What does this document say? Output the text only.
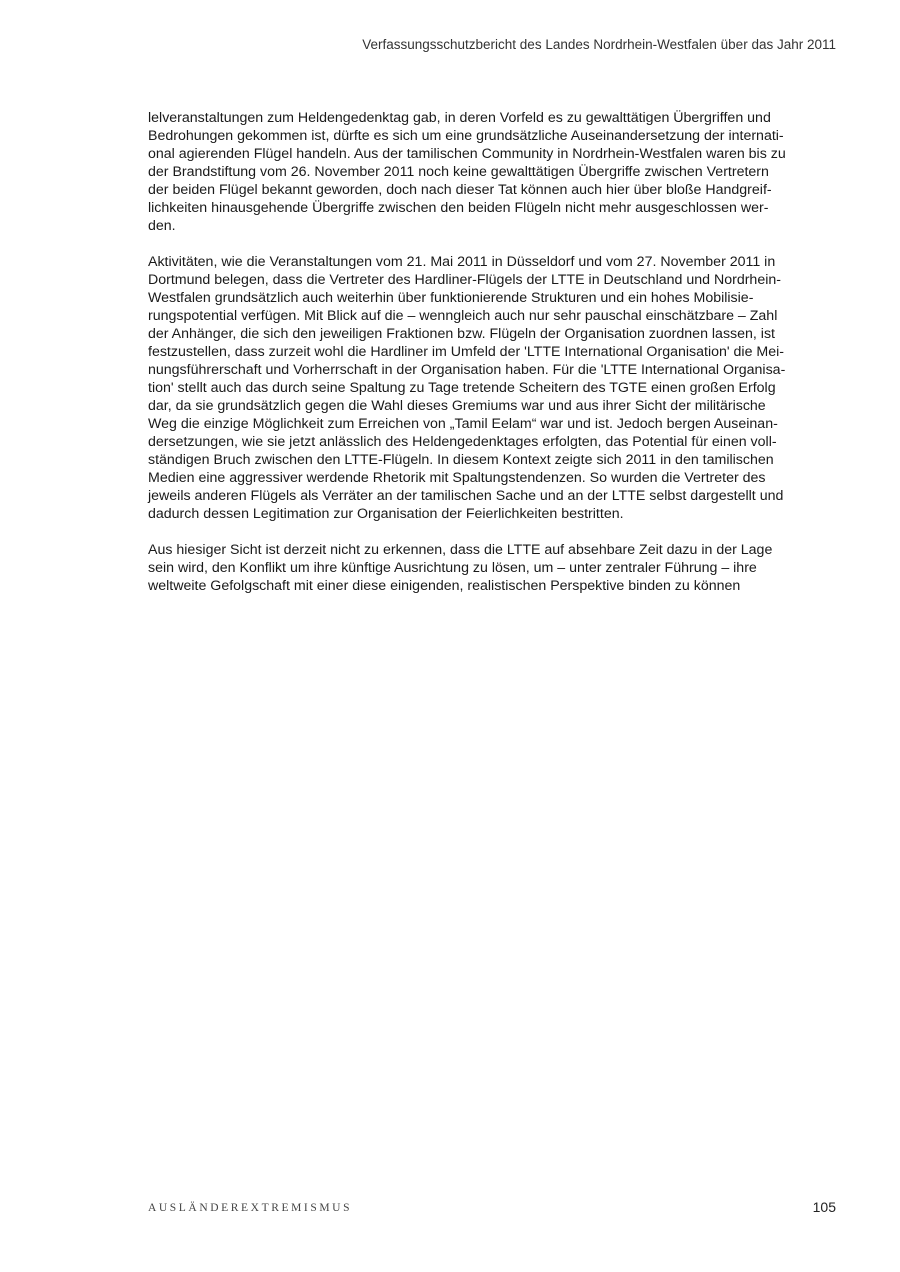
Verfassungsschutzbericht des Landes Nordrhein-Westfalen über das Jahr 2011

lelveranstaltungen zum Heldengedenktag gab, in deren Vorfeld es zu gewalttätigen Übergriffen und
Bedrohungen gekommen ist, dürfte es sich um eine grundsätzliche Auseinandersetzung der internati-
onal agierenden Flügel handeln. Aus der tamilischen Community in Nordrhein-Westfalen waren bis zu
der Brandstiftung vom 26. November 2011 noch keine gewalttätigen Übergriffe zwischen Vertretern
der beiden Flügel bekannt geworden, doch nach dieser Tat können auch hier über bloße Handgreif-
lichkeiten hinausgehende Übergriffe zwischen den beiden Flügeln nicht mehr ausgeschlossen wer-
den.

Aktivitäten, wie die Veranstaltungen vom 21. Mai 2011 in Düsseldorf und vom 27. November 2011 in
Dortmund belegen, dass die Vertreter des Hardliner-Flügels der LTTE in Deutschland und Nordrhein-
Westfalen grundsätzlich auch weiterhin über funktionierende Strukturen und ein hohes Mobilisie-
rungspotential verfügen. Mit Blick auf die – wenngleich auch nur sehr pauschal einschätzbare – Zahl
der Anhänger, die sich den jeweiligen Fraktionen bzw. Flügeln der Organisation zuordnen lassen, ist
festzustellen, dass zurzeit wohl die Hardliner im Umfeld der 'LTTE International Organisation' die Mei-
nungsführerschaft und Vorherrschaft in der Organisation haben. Für die 'LTTE International Organisa-
tion' stellt auch das durch seine Spaltung zu Tage tretende Scheitern des TGTE einen großen Erfolg
dar, da sie grundsätzlich gegen die Wahl dieses Gremiums war und aus ihrer Sicht der militärische
Weg die einzige Möglichkeit zum Erreichen von „Tamil Eelam“ war und ist. Jedoch bergen Auseinan-
dersetzungen, wie sie jetzt anlässlich des Heldengedenktages erfolgten, das Potential für einen voll-
ständigen Bruch zwischen den LTTE-Flügeln. In diesem Kontext zeigte sich 2011 in den tamilischen
Medien eine aggressiver werdende Rhetorik mit Spaltungstendenzen. So wurden die Vertreter des
jeweils anderen Flügels als Verräter an der tamilischen Sache und an der LTTE selbst dargestellt und
dadurch dessen Legitimation zur Organisation der Feierlichkeiten bestritten.

Aus hiesiger Sicht ist derzeit nicht zu erkennen, dass die LTTE auf absehbare Zeit dazu in der Lage
sein wird, den Konflikt um ihre künftige Ausrichtung zu lösen, um – unter zentraler Führung – ihre
weltweite Gefolgschaft mit einer diese einigenden, realistischen Perspektive binden zu können

AUSLÄNDEREXTREMISMUS	105
